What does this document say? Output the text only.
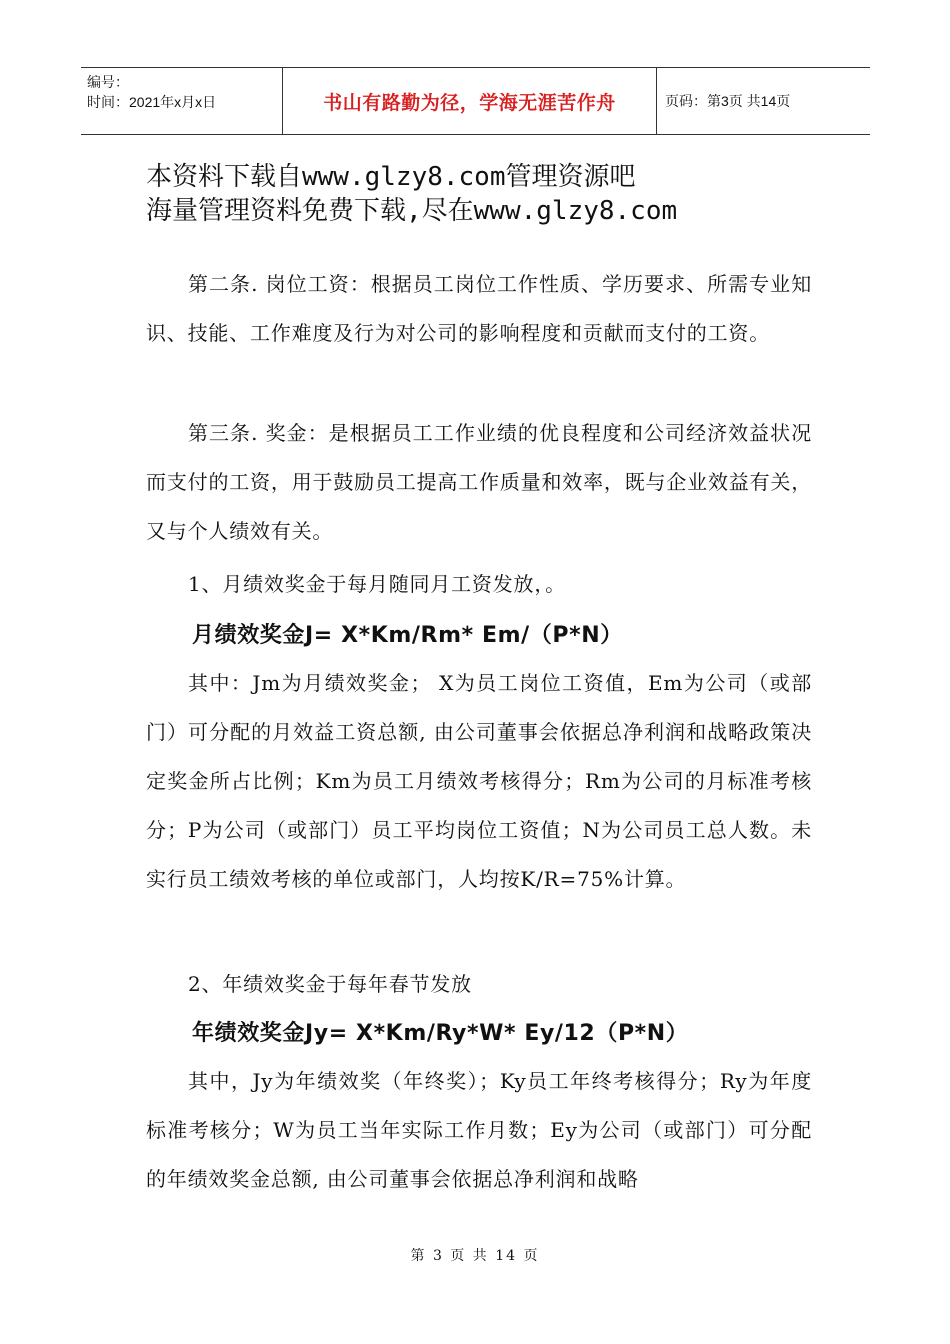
编号：
时间：2021年x月x日	书山有路勤为径，学海无涯苦作舟	页码：第3页 共14页
本资料下载自www.glzy8.com管理资源吧
海量管理资料免费下载,尽在www.glzy8.com
第二条. 岗位工资：根据员工岗位工作性质、学历要求、所需专业知识、技能、工作难度及行为对公司的影响程度和贡献而支付的工资。
第三条. 奖金：是根据员工工作业绩的优良程度和公司经济效益状况而支付的工资，用于鼓励员工提高工作质量和效率，既与企业效益有关，又与个人绩效有关。
1、月绩效奖金于每月随同月工资发放，。
月绩效奖金J= X*Km/Rm* Em/（P*N）
其中：Jm为月绩效奖金； X为员工岗位工资值，Em为公司（或部门）可分配的月效益工资总额, 由公司董事会依据总净利润和战略政策决定奖金所占比例；Km为员工月绩效考核得分；Rm为公司的月标准考核分；P为公司（或部门）员工平均岗位工资值；N为公司员工总人数。未实行员工绩效考核的单位或部门，人均按K/R=75%计算。
2、年绩效奖金于每年春节发放
年绩效奖金Jy= X*Km/Ry*W* Ey/12（P*N）
其中，Jy为年绩效奖（年终奖）；Ky员工年终考核得分；Ry为年度标准考核分；W为员工当年实际工作月数；Ey为公司（或部门）可分配的年绩效奖金总额, 由公司董事会依据总净利润和战略
第 3 页 共 14 页
